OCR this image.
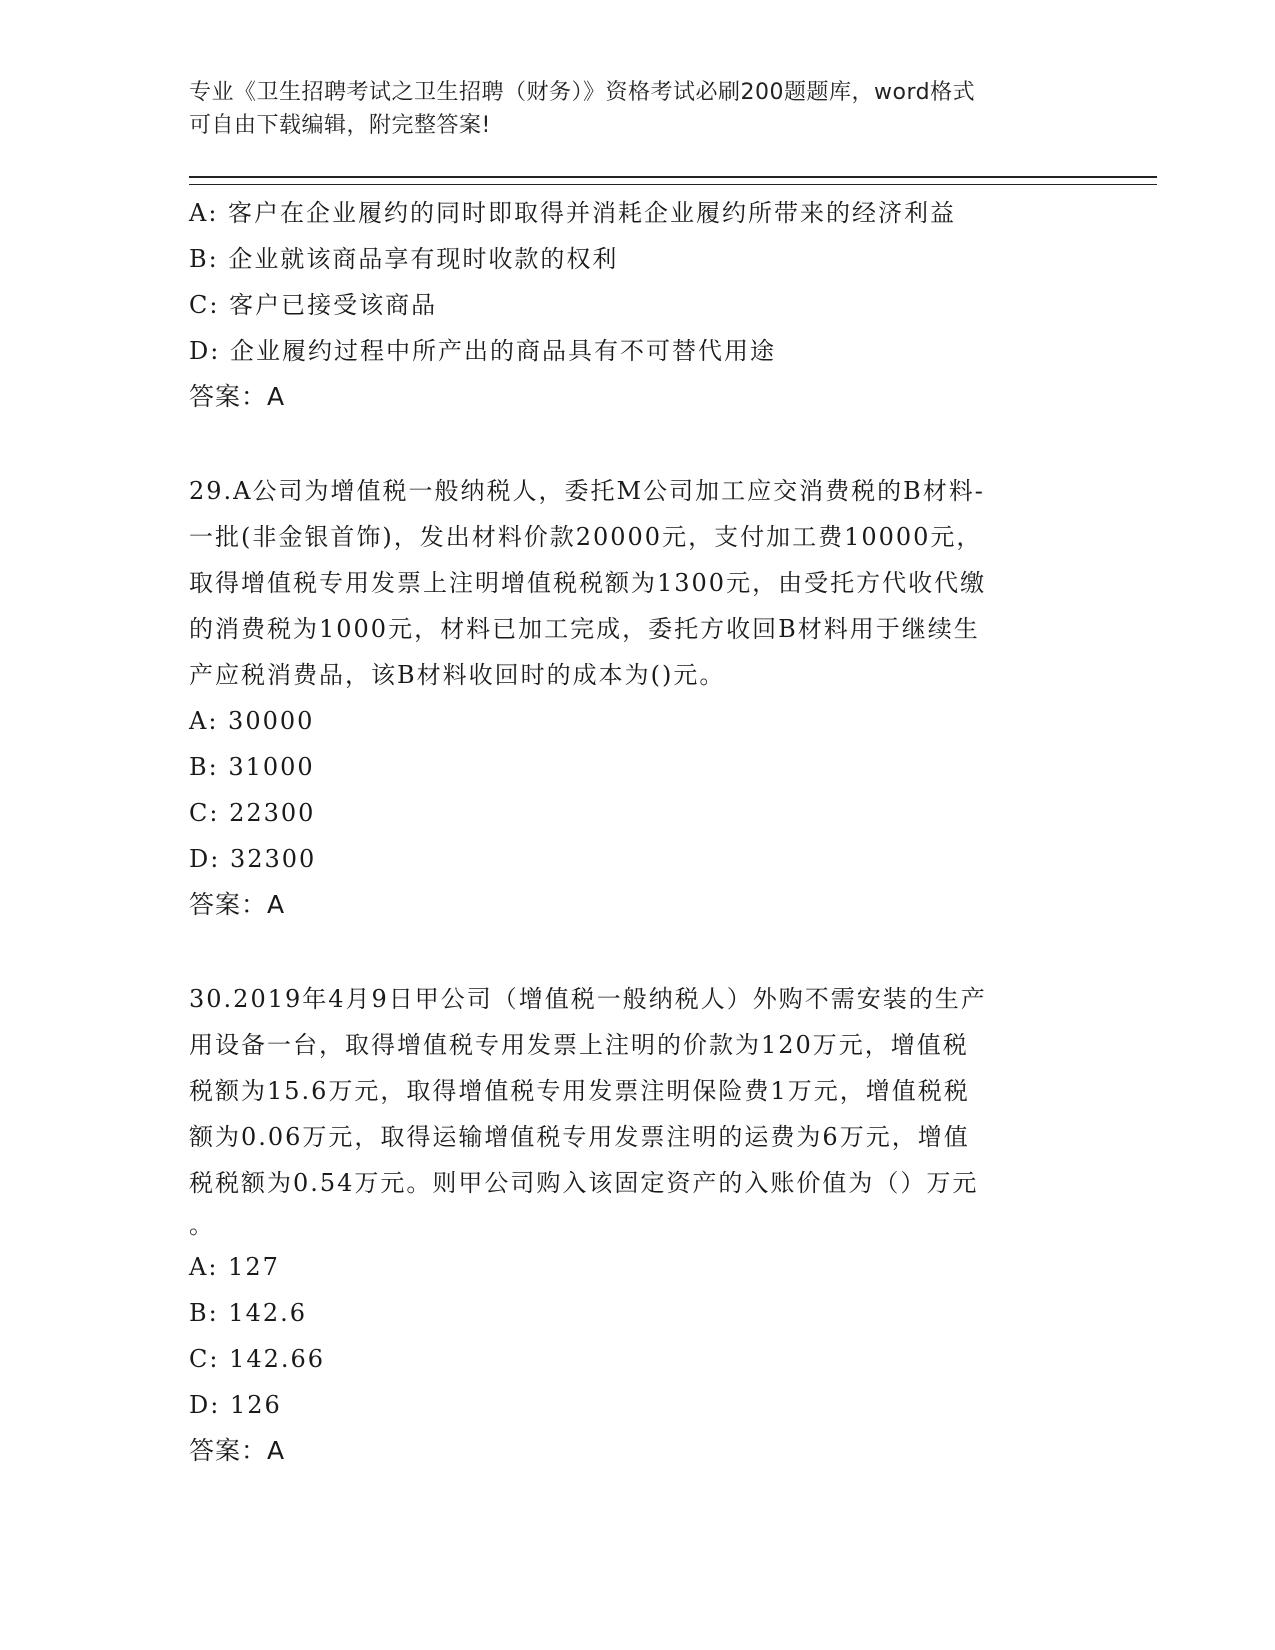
专业《卫生招聘考试之卫生招聘（财务）》资格考试必刷200题题库，word格式
可自由下载编辑，附完整答案!
A: 客户在企业履约的同时即取得并消耗企业履约所带来的经济利益
B: 企业就该商品享有现时收款的权利
C: 客户已接受该商品
D: 企业履约过程中所产出的商品具有不可替代用途
答案：A
29.A公司为增值税一般纳税人，委托M公司加工应交消费税的B材料-
一批(非金银首饰)，发出材料价款20000元，支付加工费10000元，
取得增值税专用发票上注明增值税税额为1300元，由受托方代收代缴
的消费税为1000元，材料已加工完成，委托方收回B材料用于继续生
产应税消费品，该B材料收回时的成本为()元。
A: 30000
B: 31000
C: 22300
D: 32300
答案：A
30.2019年4月9日甲公司（增值税一般纳税人）外购不需安装的生产
用设备一台，取得增值税专用发票上注明的价款为120万元，增值税
税额为15.6万元，取得增值税专用发票注明保险费1万元，增值税税
额为0.06万元，取得运输增值税专用发票注明的运费为6万元，增值
税税额为0.54万元。则甲公司购入该固定资产的入账价值为（）万元
。
A: 127
B: 142.6
C: 142.66
D: 126
答案：A
